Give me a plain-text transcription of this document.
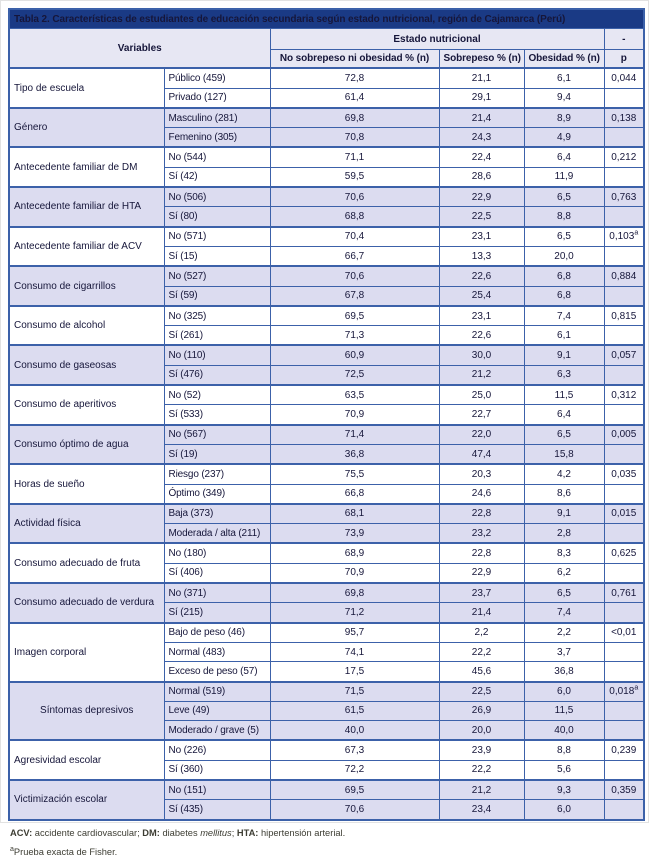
Tabla 2. Características de estudiantes de educación secundaria según estado nutricional, región de Cajamarca (Perú)					
Variables		Estado nutricional			-
		No sobrepeso ni obesidad % (n)	Sobrepeso % (n)	Obesidad % (n)	p
Tipo de escuela	Público (459)	72,8	21,1	6,1	0,044
	Privado (127)	61,4	29,1	9,4	
Género	Masculino (281)	69,8	21,4	8,9	0,138
	Femenino (305)	70,8	24,3	4,9	
Antecedente familiar de DM	No (544)	71,1	22,4	6,4	0,212
	Sí (42)	59,5	28,6	11,9	
Antecedente familiar de HTA	No (506)	70,6	22,9	6,5	0,763
	Sí (80)	68,8	22,5	8,8	
Antecedente familiar de ACV	No (571)	70,4	23,1	6,5	0,103$^a$
	Sí (15)	66,7	13,3	20,0	
Consumo de cigarrillos	No (527)	70,6	22,6	6,8	0,884
	Sí (59)	67,8	25,4	6,8	
Consumo de alcohol	No (325)	69,5	23,1	7,4	0,815
	Sí (261)	71,3	22,6	6,1	
Consumo de gaseosas	No (110)	60,9	30,0	9,1	0,057
	Sí (476)	72,5	21,2	6,3	
Consumo de aperitivos	No (52)	63,5	25,0	11,5	0,312
	Sí (533)	70,9	22,7	6,4	
Consumo óptimo de agua	No (567)	71,4	22,0	6,5	0,005
	Sí (19)	36,8	47,4	15,8	
Horas de sueño	Riesgo (237)	75,5	20,3	4,2	0,035
	Óptimo (349)	66,8	24,6	8,6	
Actividad física	Baja (373)	68,1	22,8	9,1	0,015
	Moderada / alta (211)	73,9	23,2	2,8	
Consumo adecuado de fruta	No (180)	68,9	22,8	8,3	0,625
	Sí (406)	70,9	22,9	6,2	
Consumo adecuado de verdura	No (371)	69,8	23,7	6,5	0,761
	Sí (215)	71,2	21,4	7,4	
Imagen corporal	Bajo de peso (46)	95,7	2,2	2,2	<0,01
	Normal (483)	74,1	22,2	3,7	
	Exceso de peso (57)	17,5	45,6	36,8	
Síntomas depresivos	Normal (519)	71,5	22,5	6,0	0,018$^a$
	Leve (49)	61,5	26,9	11,5	
	Moderado / grave (5)	40,0	20,0	40,0	
Agresividad escolar	No (226)	67,3	23,9	8,8	0,239
	Sí (360)	72,2	22,2	5,6	
Victimización escolar	No (151)	69,5	21,2	9,3	0,359
	Sí (435)	70,6	23,4	6,0	
ACV: accidente cardiovascular; DM: diabetes mellitus; HTA: hipertensión arterial.
$^a$Prueba exacta de Fisher.
